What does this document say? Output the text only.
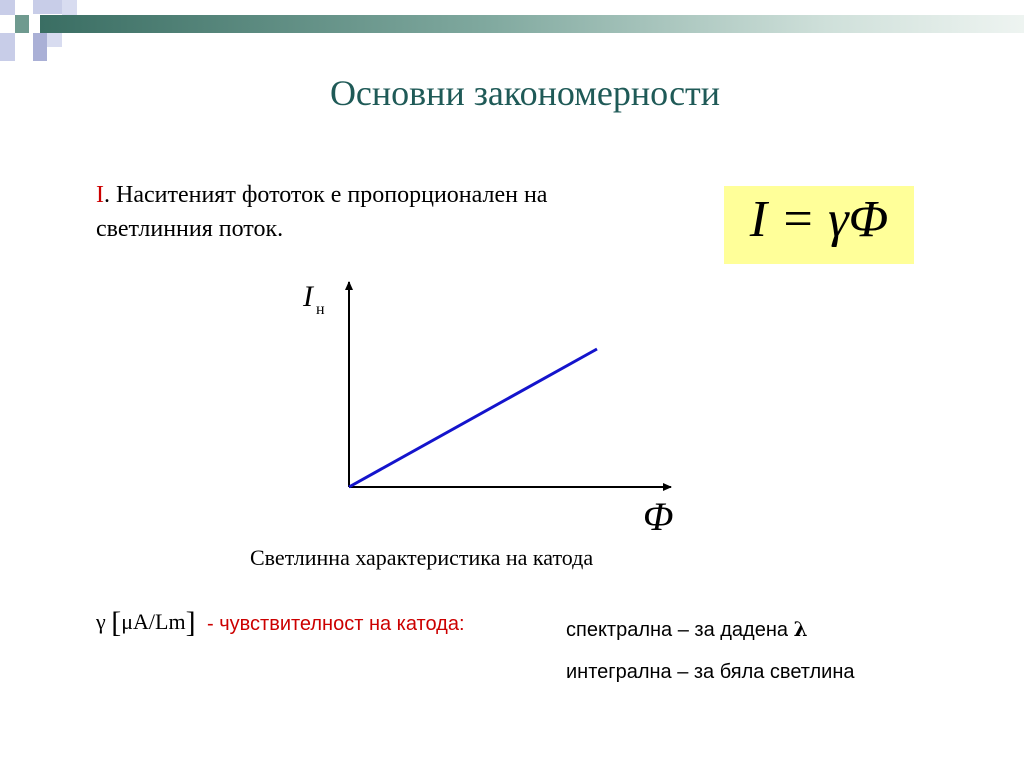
Основни закономерности
I. Наситеният фототок е пропорционален на светлинния поток.	I = γΦ
I н
Φ
Светлинна характеристика на катода
γ [μA/Lm] - чувствителност на катода:	спектрална – за дадена λ
интегрална – за бяла светлина
